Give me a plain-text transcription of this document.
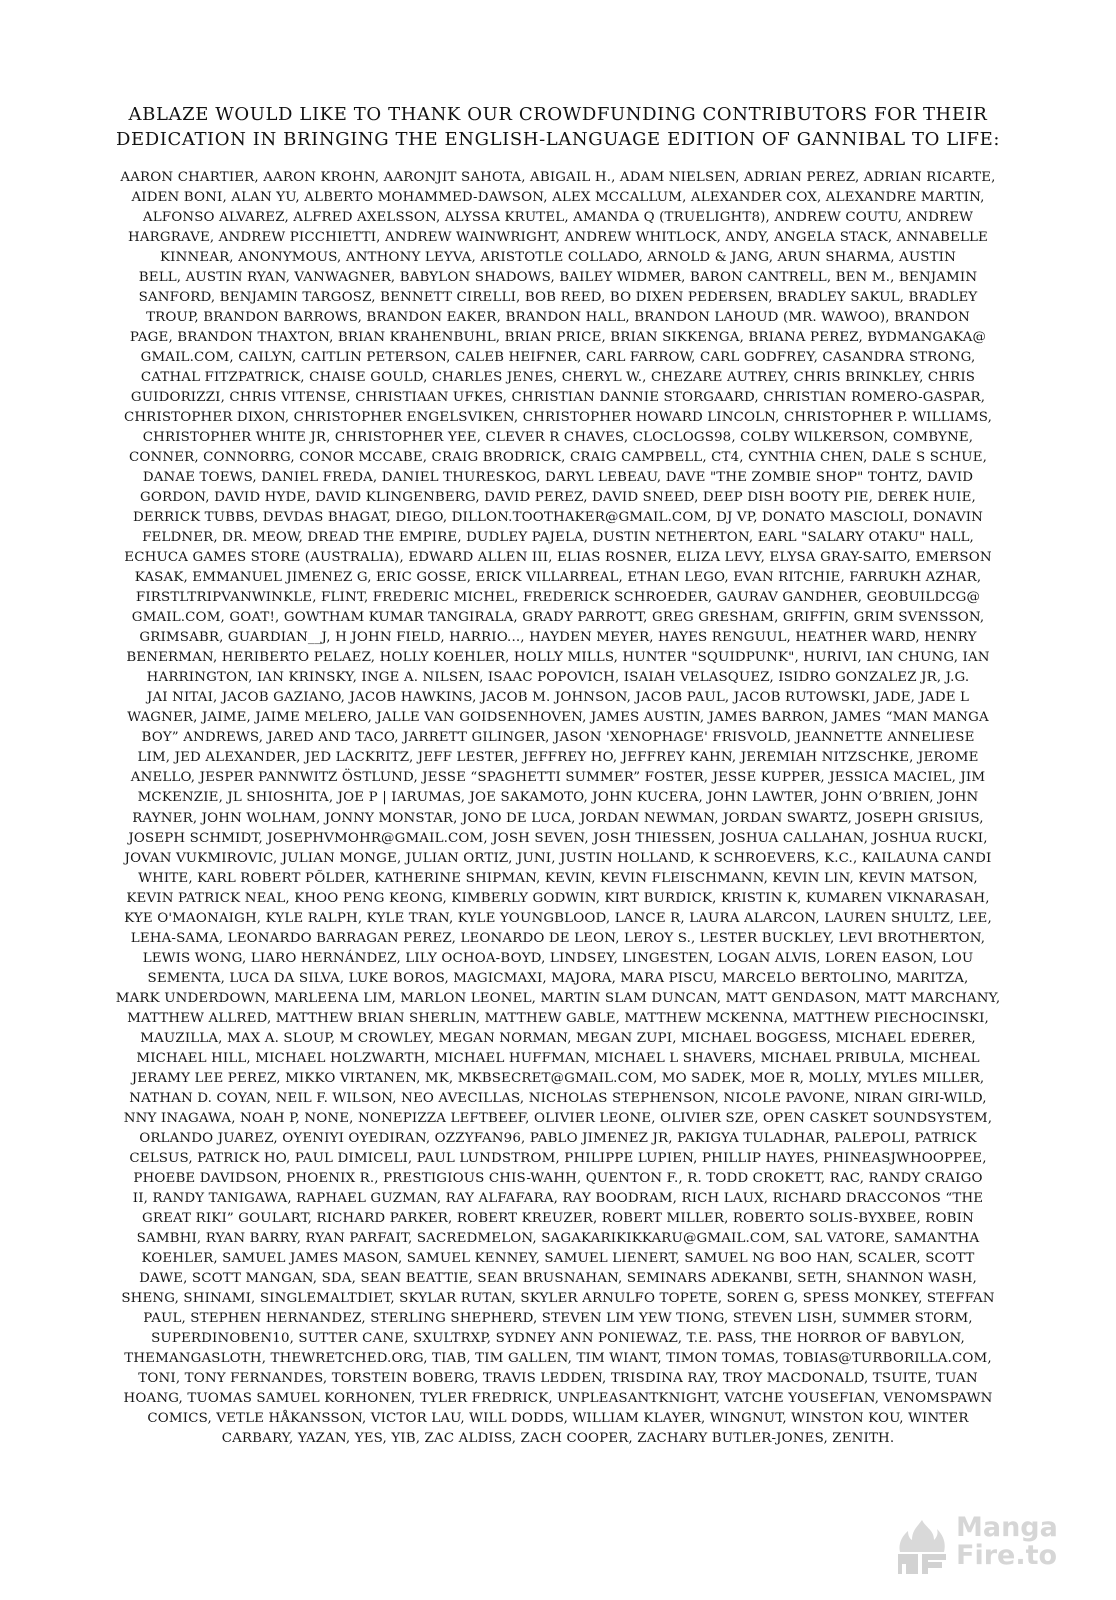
ABLAZE WOULD LIKE TO THANK OUR CROWDFUNDING CONTRIBUTORS FOR THEIR
DEDICATION IN BRINGING THE ENGLISH-LANGUAGE EDITION OF GANNIBAL TO LIFE:
AARON CHARTIER, AARON KROHN, AARONJIT SAHOTA, ABIGAIL H., ADAM NIELSEN, ADRIAN PEREZ, ADRIAN RICARTE,
AIDEN BONI, ALAN YU, ALBERTO MOHAMMED-DAWSON, ALEX MCCALLUM, ALEXANDER COX, ALEXANDRE MARTIN,
ALFONSO ALVAREZ, ALFRED AXELSSON, ALYSSA KRUTEL, AMANDA Q (TRUELIGHT8), ANDREW COUTU, ANDREW
HARGRAVE, ANDREW PICCHIETTI, ANDREW WAINWRIGHT, ANDREW WHITLOCK, ANDY, ANGELA STACK, ANNABELLE
KINNEAR, ANONYMOUS, ANTHONY LEYVA, ARISTOTLE COLLADO, ARNOLD & JANG, ARUN SHARMA, AUSTIN
BELL, AUSTIN RYAN, VANWAGNER, BABYLON SHADOWS, BAILEY WIDMER, BARON CANTRELL, BEN M., BENJAMIN
SANFORD, BENJAMIN TARGOSZ, BENNETT CIRELLI, BOB REED, BO DIXEN PEDERSEN, BRADLEY SAKUL, BRADLEY
TROUP, BRANDON BARROWS, BRANDON EAKER, BRANDON HALL, BRANDON LAHOUD (MR. WAWOO), BRANDON
PAGE, BRANDON THAXTON, BRIAN KRAHENBUHL, BRIAN PRICE, BRIAN SIKKENGA, BRIANA PEREZ, BYDMANGAKA@
GMAIL.COM, CAILYN, CAITLIN PETERSON, CALEB HEIFNER, CARL FARROW, CARL GODFREY, CASANDRA STRONG,
CATHAL FITZPATRICK, CHAISE GOULD, CHARLES JENES, CHERYL W., CHEZARE AUTREY, CHRIS BRINKLEY, CHRIS
GUIDORIZZI, CHRIS VITENSE, CHRISTIAAN UFKES, CHRISTIAN DANNIE STORGAARD, CHRISTIAN ROMERO-GASPAR,
CHRISTOPHER DIXON, CHRISTOPHER ENGELSVIKEN, CHRISTOPHER HOWARD LINCOLN, CHRISTOPHER P. WILLIAMS,
CHRISTOPHER WHITE JR, CHRISTOPHER YEE, CLEVER R CHAVES, CLOCLOGS98, COLBY WILKERSON, COMBYNE,
CONNER, CONNORRG, CONOR MCCABE, CRAIG BRODRICK, CRAIG CAMPBELL, CT4, CYNTHIA CHEN, DALE S SCHUE,
DANAE TOEWS, DANIEL FREDA, DANIEL THURESKOG, DARYL LEBEAU, DAVE "THE ZOMBIE SHOP" TOHTZ, DAVID
GORDON, DAVID HYDE, DAVID KLINGENBERG, DAVID PEREZ, DAVID SNEED, DEEP DISH BOOTY PIE, DEREK HUIE,
DERRICK TUBBS, DEVDAS BHAGAT, DIEGO, DILLON.TOOTHAKER@GMAIL.COM, DJ VP, DONATO MASCIOLI, DONAVIN
FELDNER, DR. MEOW, DREAD THE EMPIRE, DUDLEY PAJELA, DUSTIN NETHERTON, EARL "SALARY OTAKU" HALL,
ECHUCA GAMES STORE (AUSTRALIA), EDWARD ALLEN III, ELIAS ROSNER, ELIZA LEVY, ELYSA GRAY-SAITO, EMERSON
KASAK, EMMANUEL JIMENEZ G, ERIC GOSSE, ERICK VILLARREAL, ETHAN LEGO, EVAN RITCHIE, FARRUKH AZHAR,
FIRSTLTRIPVANWINKLE, FLINT, FREDERIC MICHEL, FREDERICK SCHROEDER, GAURAV GANDHER, GEOBUILDCG@
GMAIL.COM, GOAT!, GOWTHAM KUMAR TANGIRALA, GRADY PARROTT, GREG GRESHAM, GRIFFIN, GRIM SVENSSON,
GRIMSABR, GUARDIAN__J, H JOHN FIELD, HARRIO..., HAYDEN MEYER, HAYES RENGUUL, HEATHER WARD, HENRY
BENERMAN, HERIBERTO PELAEZ, HOLLY KOEHLER, HOLLY MILLS, HUNTER "SQUIDPUNK", HURIVI, IAN CHUNG, IAN
HARRINGTON, IAN KRINSKY, INGE A. NILSEN, ISAAC POPOVICH, ISAIAH VELASQUEZ, ISIDRO GONZALEZ JR, J.G.
JAI NITAI, JACOB GAZIANO, JACOB HAWKINS, JACOB M. JOHNSON, JACOB PAUL, JACOB RUTOWSKI, JADE, JADE L
WAGNER, JAIME, JAIME MELERO, JALLE VAN GOIDSENHOVEN, JAMES AUSTIN, JAMES BARRON, JAMES “MAN MANGA
BOY” ANDREWS, JARED AND TACO, JARRETT GILINGER, JASON 'XENOPHAGE' FRISVOLD, JEANNETTE ANNELIESE
LIM, JED ALEXANDER, JED LACKRITZ, JEFF LESTER, JEFFREY HO, JEFFREY KAHN, JEREMIAH NITZSCHKE, JEROME
ANELLO, JESPER PANNWITZ ÖSTLUND, JESSE “SPAGHETTI SUMMER” FOSTER, JESSE KUPPER, JESSICA MACIEL, JIM
MCKENZIE, JL SHIOSHITA, JOE P | IARUMAS, JOE SAKAMOTO, JOHN KUCERA, JOHN LAWTER, JOHN O’BRIEN, JOHN
RAYNER, JOHN WOLHAM, JONNY MONSTAR, JONO DE LUCA, JORDAN NEWMAN, JORDAN SWARTZ, JOSEPH GRISIUS,
JOSEPH SCHMIDT, JOSEPHVMOHR@GMAIL.COM, JOSH SEVEN, JOSH THIESSEN, JOSHUA CALLAHAN, JOSHUA RUCKI,
JOVAN VUKMIROVIC, JULIAN MONGE, JULIAN ORTIZ, JUNI, JUSTIN HOLLAND, K SCHROEVERS, K.C., KAILAUNA CANDI
WHITE, KARL ROBERT PÕLDER, KATHERINE SHIPMAN, KEVIN, KEVIN FLEISCHMANN, KEVIN LIN, KEVIN MATSON,
KEVIN PATRICK NEAL, KHOO PENG KEONG, KIMBERLY GODWIN, KIRT BURDICK, KRISTIN K, KUMAREN VIKNARASAH,
KYE O'MAONAIGH, KYLE RALPH, KYLE TRAN, KYLE YOUNGBLOOD, LANCE R, LAURA ALARCON, LAUREN SHULTZ, LEE,
LEHA-SAMA, LEONARDO BARRAGAN PEREZ, LEONARDO DE LEON, LEROY S., LESTER BUCKLEY, LEVI BROTHERTON,
LEWIS WONG, LIARO HERNÁNDEZ, LILY OCHOA-BOYD, LINDSEY, LINGESTEN, LOGAN ALVIS, LOREN EASON, LOU
SEMENTA, LUCA DA SILVA, LUKE BOROS, MAGICMAXI, MAJORA, MARA PISCU, MARCELO BERTOLINO, MARITZA,
MARK UNDERDOWN, MARLEENA LIM, MARLON LEONEL, MARTIN SLAM DUNCAN, MATT GENDASON, MATT MARCHANY,
MATTHEW ALLRED, MATTHEW BRIAN SHERLIN, MATTHEW GABLE, MATTHEW MCKENNA, MATTHEW PIECHOCINSKI,
MAUZILLA, MAX A. SLOUP, M CROWLEY, MEGAN NORMAN, MEGAN ZUPI, MICHAEL BOGGESS, MICHAEL EDERER,
MICHAEL HILL, MICHAEL HOLZWARTH, MICHAEL HUFFMAN, MICHAEL L SHAVERS, MICHAEL PRIBULA, MICHEAL
JERAMY LEE PEREZ, MIKKO VIRTANEN, MK, MKBSECRET@GMAIL.COM, MO SADEK, MOE R, MOLLY, MYLES MILLER,
NATHAN D. COYAN, NEIL F. WILSON, NEO AVECILLAS, NICHOLAS STEPHENSON, NICOLE PAVONE, NIRAN GIRI-WILD,
NNY INAGAWA, NOAH P, NONE, NONEPIZZA LEFTBEEF, OLIVIER LEONE, OLIVIER SZE, OPEN CASKET SOUNDSYSTEM,
ORLANDO JUAREZ, OYENIYI OYEDIRAN, OZZYFAN96, PABLO JIMENEZ JR, PAKIGYA TULADHAR, PALEPOLI, PATRICK
CELSUS, PATRICK HO, PAUL DIMICELI, PAUL LUNDSTROM, PHILIPPE LUPIEN, PHILLIP HAYES, PHINEASJWHOOPPEE,
PHOEBE DAVIDSON, PHOENIX R., PRESTIGIOUS CHIS-WAHH, QUENTON F., R. TODD CROKETT, RAC, RANDY CRAIGO
II, RANDY TANIGAWA, RAPHAEL GUZMAN, RAY ALFAFARA, RAY BOODRAM, RICH LAUX, RICHARD DRACCONOS “THE
GREAT RIKI” GOULART, RICHARD PARKER, ROBERT KREUZER, ROBERT MILLER, ROBERTO SOLIS-BYXBEE, ROBIN
SAMBHI, RYAN BARRY, RYAN PARFAIT, SACREDMELON, SAGAKARIKIKKARU@GMAIL.COM, SAL VATORE, SAMANTHA
KOEHLER, SAMUEL JAMES MASON, SAMUEL KENNEY, SAMUEL LIENERT, SAMUEL NG BOO HAN, SCALER, SCOTT
DAWE, SCOTT MANGAN, SDA, SEAN BEATTIE, SEAN BRUSNAHAN, SEMINARS ADEKANBI, SETH, SHANNON WASH,
SHENG, SHINAMI, SINGLEMALTDIET, SKYLAR RUTAN, SKYLER ARNULFO TOPETE, SOREN G, SPESS MONKEY, STEFFAN
PAUL, STEPHEN HERNANDEZ, STERLING SHEPHERD, STEVEN LIM YEW TIONG, STEVEN LISH, SUMMER STORM,
SUPERDINOBEN10, SUTTER CANE, SXULTRXP, SYDNEY ANN PONIEWAZ, T.E. PASS, THE HORROR OF BABYLON,
THEMANGASLOTH, THEWRETCHED.ORG, TIAB, TIM GALLEN, TIM WIANT, TIMON TOMAS, TOBIAS@TURBORILLA.COM,
TONI, TONY FERNANDES, TORSTEIN BOBERG, TRAVIS LEDDEN, TRISDINA RAY, TROY MACDONALD, TSUITE, TUAN
HOANG, TUOMAS SAMUEL KORHONEN, TYLER FREDRICK, UNPLEASANTKNIGHT, VATCHE YOUSEFIAN, VENOMSPAWN
COMICS, VETLE HÅKANSSON, VICTOR LAU, WILL DODDS, WILLIAM KLAYER, WINGNUT, WINSTON KOU, WINTER
CARBARY, YAZAN, YES, YIB, ZAC ALDISS, ZACH COOPER, ZACHARY BUTLER-JONES, ZENITH.
Manga
Fire.to
